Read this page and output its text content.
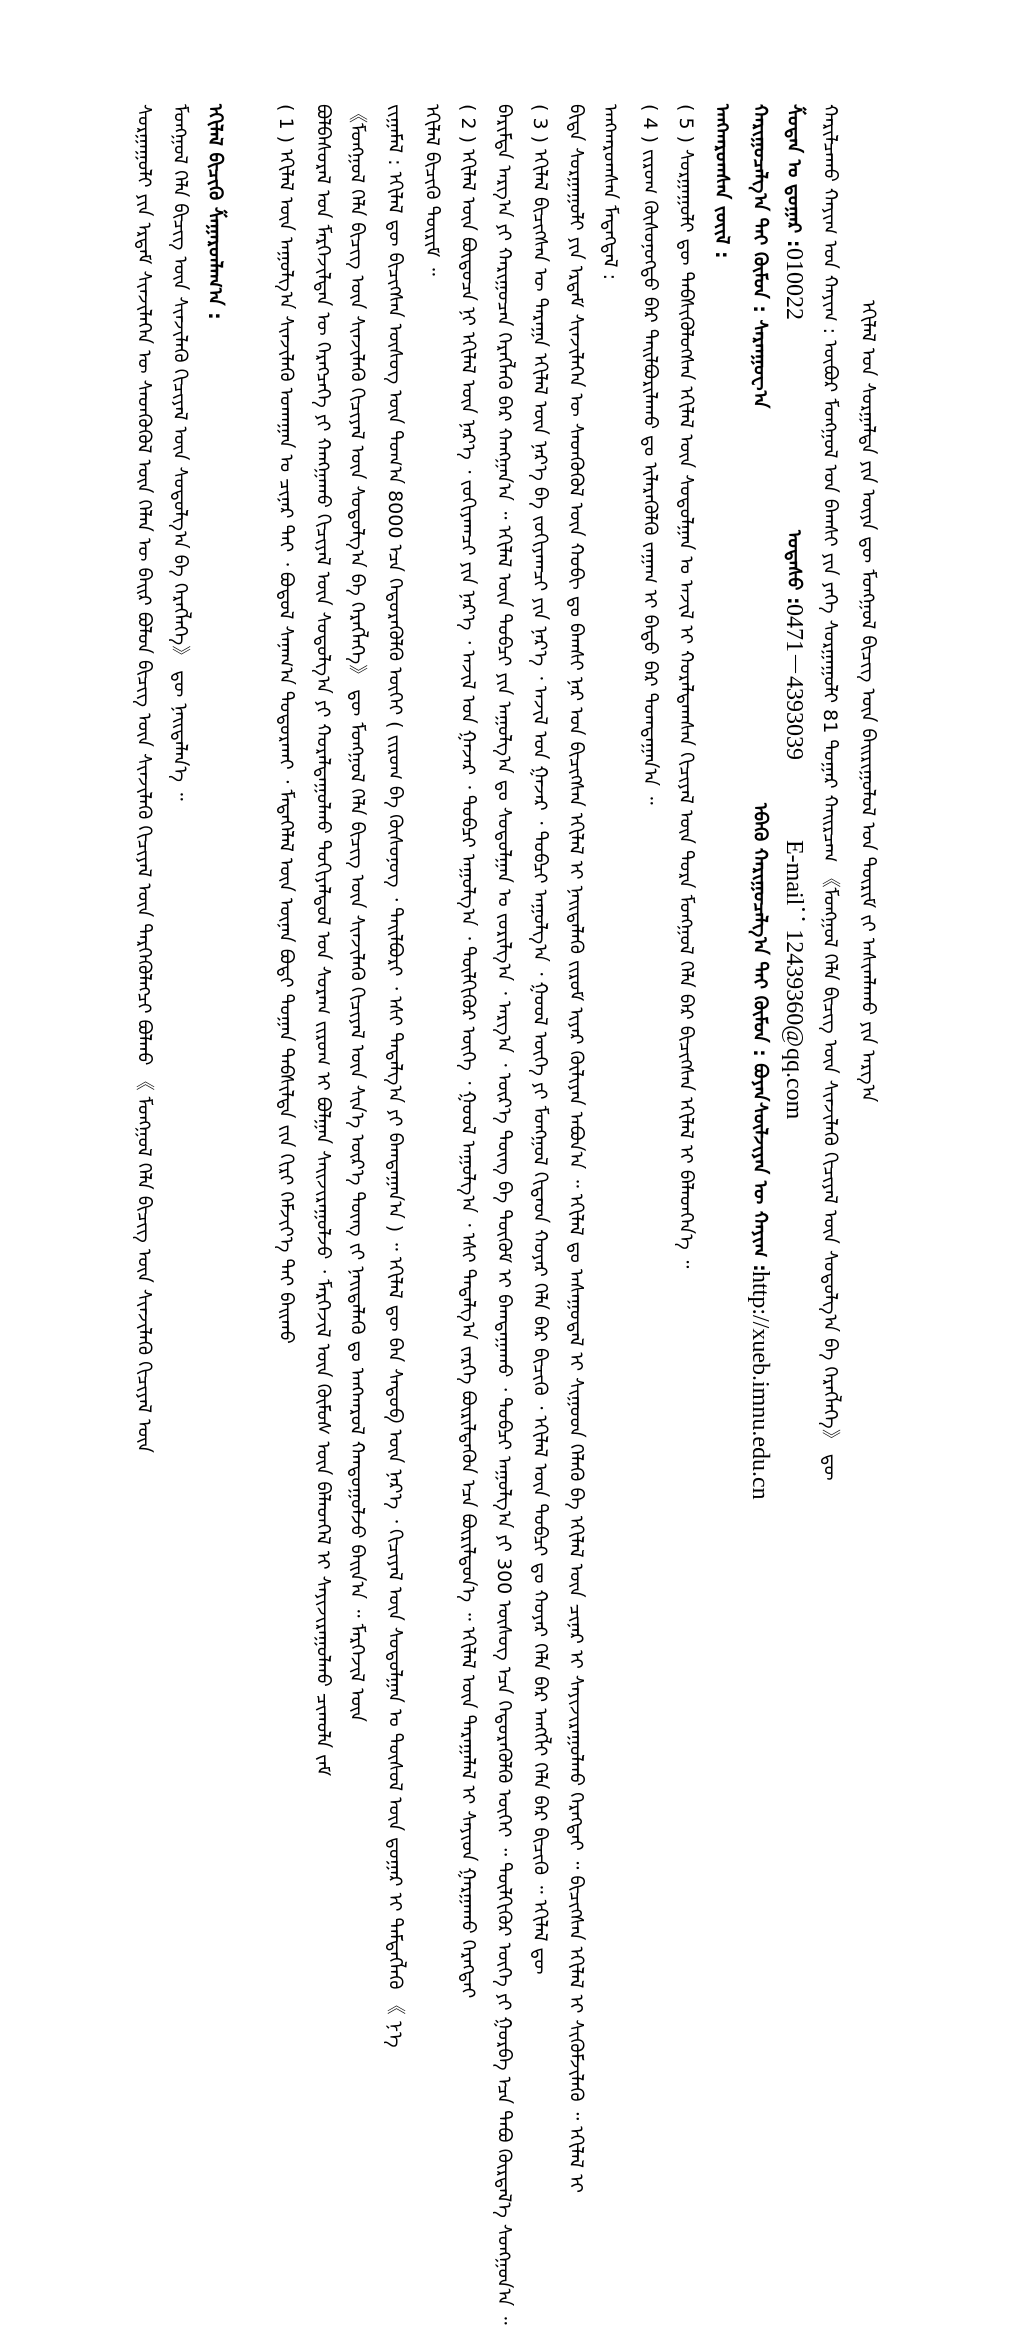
ᠡᠬᠢᠯᠡᠯ ᠤᠨ ᠰᠤᠷᠭᠠᠯᠲᠠ ᠶᠢᠨ ᠦᠶᠡ ᠳᠦ ᠮᠣᠩᠭᠣᠯ ᠪᠢᠴᠢᠭ ᠦᠨ ᠪᠠᠢᠷᠢᠭᠤᠯᠤᠯ ᠤᠨ ᠳᠦᠷᠢᠮ ᠵᠢ ᠠᠰᠢᠭᠯᠠᠬᠤ ᠶᠢᠨ ᠠᠷᠭ᠎ᠠ
ᠬᠠᠷᠢᠯᠴᠠᠬᠤ ᠬᠠᠶᠢᠭ ᠤᠨ ᠬᠠᠶᠢᠭ : ᠥᠪᠦᠷ ᠮᠣᠩᠭᠣᠯ ᠤᠨ ᠪᠠᠭᠰᠢ ᠶᠢᠨ ᠶᠡᠬᠡ ᠰᠤᠷᠭᠠᠭᠤᠯᠢ 81 ᠳᠤᠭᠠᠷ ᠬᠠᠢᠷᠴᠠᠭ 《ᠮᠣᠩᠭᠣᠯ ᠬᠡᠯᠡ ᠪᠢᠴᠢᠭ ᠦᠨ ᠰᠢᠨᠵᠢᠯᠡᠬᠦ ᠬᠢᠴᠢᠶᠡᠯ ᠦᠨ ᠰᠤᠳᠤᠯᠭ᠎ᠠ ᠪᠠ ᠬᠡᠷᠡᠭᠯᠡᠭᠡ》 ᠳᠦ
ᠱᠤᠳᠠᠨ ᠤ ᠳ᠋ᠤᠭᠠᠷ :010022ᠤᠲᠠᠰᠤ :0471－4393039E-mail：12439360@qq.com
ᠬᠠᠷᠢᠭᠤᠴᠠᠯᠭ᠎ᠠ ᠲᠠᠢ ᠬᠦᠮᠦᠨ : ᠰᠠᠷᠠᠨᠭᠤᠸ᠎ᠠᠡᠪᠡᠬᠦ ᠬᠠᠷᠢᠭᠤᠴᠠᠯᠭ᠎ᠠ ᠲᠠᠢ ᠬᠦᠮᠦᠨ : ᠪᠤᠶᠠᠨᠰᠦᠯᠵᠢᠶᠡᠨ ᠦ ᠬᠠᠶᠢᠭ :http://xueb.imnu.edu.cn
ᠠᠩᠬᠠᠷᠤᠭᠰᠠᠨ ᠵᠦᠢᠯ :
( 5 ) ᠰᠤᠷᠭᠠᠭᠤᠯᠢ ᠳᠦ ᠳᠡᠪᠰᠢᠭᠦᠯᠦᠭᠰᠡᠨ ᠡᠬᠢᠯᠡᠯ ᠦᠨ ᠰᠤᠳᠤᠯᠭᠠᠨ ᠤ ᠠᠵᠢᠯ ᠢ ᠬᠤᠷᠠᠯᠳᠠᠭᠰᠠᠨ ᠬᠢᠴᠢᠶᠡᠯ ᠦᠨ ᠳᠤᠷᠠ ᠮᠣᠩᠭᠣᠯ ᠬᠡᠯᠡ ᠪᠡᠷ ᠪᠢᠴᠢᠭᠰᠡᠨ ᠡᠬᠢᠯᠡᠯ ᠢ ᠪᠡᠯᠡᠳᠭᠡᠨ᠎ᠡ ᠃
( 4 ) ᠵᠢᠷᠤᠭ ᠬᠦᠰᠦᠨᠦᠭᠲᠦ ᠪᠡᠷ ᠲᠠᠢᠯᠪᠤᠷᠢᠯᠠᠬᠤ ᠳᠤ ᠢᠯᠡᠷᠡᠭᠦᠯᠬᠦ ᠵᠠᠭᠠᠭ ᠢ ᠪᠠᠲᠤ ᠪᠡᠷ ᠲᠣᠭᠲᠠᠭᠠᠨ᠎ᠠ ᠃
ᠠᠩᠬᠠᠷᠤᠭᠰᠠᠨ ᠮᠡᠳᠡᠭᠳᠡᠯ :
ᠪᠢᠳᠡ ᠰᠤᠷᠭᠠᠭᠤᠯᠢ ᠶᠢᠨ ᠡᠷᠳᠡᠮ ᠰᠢᠨᠵᠢᠯᠡᠭᠡᠨ ᠦ ᠰᠡᠳᠬᠦᠭᠦᠯ ᠦᠨ ᠬᠤᠪᠢ ᠳᠤ ᠪᠠᠭᠰᠢ ᠨᠠᠷ ᠤᠨ ᠪᠢᠴᠢᠭᠰᠡᠨ ᠡᠬᠢᠯᠡᠯ ᠢ ᠨᠡᠢᠲᠡᠯᠡᠬᠦ ᠵᠢᠷᠤᠮ ᠢᠶᠡᠷ ᠬᠦᠯᠢᠶᠡᠨ ᠠᠪᠤᠨ᠎ᠠ ᠃ ᠡᠬᠢᠯᠡᠯ ᠳᠤ ᠠᠰᠠᠭᠤᠳᠠᠯ ᠢ ᠰᠢᠭᠤᠳ ᠬᠡᠯᠡᠬᠦ ᠪᠠ ᠡᠬᠢᠯᠡᠯ ᠦᠨ ᠴᠢᠨᠠᠷ ᠢ ᠰᠠᠶᠢᠵᠢᠷᠠᠭᠤᠯᠬᠤ ᠬᠡᠷᠡᠭᠲᠡᠢ ᠃ ᠪᠢᠴᠢᠭᠰᠡᠨ ᠡᠬᠢᠯᠡᠯ ᠢ ᠰᠢᠭᠦᠮᠵᠢᠯᠡᠬᠦ ᠃ ᠡᠬᠢᠯᠡᠯ ᠢ
( 3 ) ᠡᠬᠢᠯᠡᠯ ᠪᠢᠴᠢᠭᠰᠡᠨ ᠦ ᠳᠠᠷᠠᠭᠠ ᠡᠬᠢᠯᠡᠯ ᠦᠨ ᠨᠡᠷ᠎ᠡ ᠪᠠ ᠵᠣᠬᠢᠶᠠᠭᠴᠢ ᠶᠢᠨ ᠨᠡᠷ᠎ᠡ ᠂ ᠠᠵᠢᠯ ᠤᠨ ᠭᠠᠵᠠᠷ ᠂ ᠲᠣᠪᠴᠢ ᠠᠭᠤᠯᠭ᠎ᠠ ᠂ ᠭᠤᠣᠯ ᠦᠭᠡ ᠶᠢ ᠮᠣᠩᠭᠣᠯ ᠬᠢᠲᠠᠳ ᠬᠣᠶᠠᠷ ᠬᠡᠯᠡ ᠪᠡᠷ ᠪᠢᠴᠢᠬᠦ ᠂ ᠡᠬᠢᠯᠡᠯ ᠦᠨ ᠲᠣᠪᠴᠢ ᠳᠤ ᠬᠣᠶᠠᠷ ᠬᠡᠯᠡ ᠪᠡᠷ ᠠᠩᠭᠯᠢ ᠬᠡᠯᠡ ᠪᠡᠷ ᠪᠢᠴᠢᠬᠦ ᠃ ᠡᠬᠢᠯᠡᠯ ᠳᠦ
ᠪᠠᠷᠢᠮᠲᠠ ᠠᠷᠭ᠎ᠠ ᠶᠢ ᠬᠠᠷᠢᠭᠤᠴᠠᠨ ᠬᠡᠷᠡᠭᠯᠡᠬᠦ ᠪᠡᠷ ᠬᠠᠩᠭᠠᠨ᠎ᠠ ᠃ ᠡᠬᠢᠯᠡᠯ ᠦᠨ ᠲᠣᠪᠴᠢ ᠶᠢᠨ ᠠᠭᠤᠯᠭ᠎ᠠ ᠳᠤ ᠰᠤᠳᠤᠯᠭᠠᠨ ᠤ ᠵᠣᠷᠢᠯᠭ᠎ᠠ ᠂ ᠠᠷᠭ᠎ᠠ ᠂ ᠦᠷ᠎ᠡ ᠳᠦᠩ ᠪᠠ ᠳᠦᠭᠦᠮ ᠢ ᠪᠠᠭᠲᠠᠭᠠᠬᠤ ᠂ ᠲᠣᠪᠴᠢ ᠠᠭᠤᠯᠭ᠎ᠠ ᠶᠢ 300 ᠦᠰᠦᠭ ᠡᠴᠡ ᠬᠡᠲᠦᠷᠡᠭᠦᠯᠬᠦ ᠦᠭᠡᠢ ᠃ ᠲᠦᠯᠬᠢᠭᠦᠷ ᠦᠭᠡ ᠶᠢ ᠭᠤᠷᠪᠠ ᠡᠴᠡ ᠲᠠᠪᠤ ᠬᠦᠷᠲᠡᠯ᠎ᠡ ᠰᠣᠩᠭᠣᠨ᠎ᠠ ᠃
( 2 ) ᠡᠬᠢᠯᠡᠯ ᠦᠨ ᠪᠦᠲᠦᠴᠡ ᠨᠢ ᠡᠬᠢᠯᠡᠯ ᠦᠨ ᠨᠡᠷ᠎ᠡ ᠂ ᠵᠣᠬᠢᠶᠠᠭᠴᠢ ᠶᠢᠨ ᠨᠡᠷ᠎ᠡ ᠂ ᠠᠵᠢᠯ ᠤᠨ ᠭᠠᠵᠠᠷ ᠂ ᠲᠣᠪᠴᠢ ᠠᠭᠤᠯᠭ᠎ᠠ ᠂ ᠲᠦᠯᠬᠢᠭᠦᠷ ᠦᠭᠡ ᠂ ᠭᠤᠣᠯ ᠠᠭᠤᠯᠭ᠎ᠠ ᠂ ᠡᠰᠢ ᠲᠠᠲᠠᠯᠭ᠎ᠠ ᠵᠡᠷᠭᠡ ᠪᠦᠷᠢᠯᠳᠡᠬᠦᠨ ᠡᠴᠡ ᠪᠦᠷᠢᠯᠳᠦᠨ᠎ᠡ ᠃ ᠡᠬᠢᠯᠡᠯ ᠦᠨ ᠳᠠᠷᠠᠭᠠᠯᠠᠯ ᠢ ᠰᠠᠶᠢᠳ ᠭᠠᠷᠭᠠᠬᠤ ᠬᠡᠷᠡᠭᠲᠡᠢ
ᠡᠬᠢᠯᠡᠯ ᠪᠢᠴᠢᠬᠦ ᠳᠦᠷᠢᠮ ᠃
ᠵᠢᠭᠠᠮᠠᠯ : ᠡᠬᠢᠯᠡᠯ ᠳᠦ ᠪᠢᠴᠢᠭᠰᠡᠨ ᠦᠰᠦᠭ ᠦᠨ ᠲᠣᠭ᠎ᠠ 8000 ᠡᠴᠡ ᠬᠡᠲᠦᠷᠡᠭᠦᠯᠬᠦ ᠦᠭᠡᠢ ( ᠵᠢᠷᠤᠭ ᠪᠠ ᠬᠦᠰᠦᠨᠦᠭ ᠂ ᠲᠠᠢᠯᠪᠤᠷᠢ ᠂ ᠡᠰᠢ ᠲᠠᠲᠠᠯᠭ᠎ᠠ ᠶᠢ ᠪᠠᠭᠲᠠᠭᠠᠨ᠎ᠠ ) ᠃ ᠡᠬᠢᠯᠡᠯ ᠳᠦ ᠪᠡᠨ ᠰᠡᠳᠦᠪ ᠦᠨ ᠨᠡᠷ᠎ᠡ ᠂ ᠬᠢᠴᠢᠶᠡᠯ ᠦᠨ ᠰᠤᠳᠤᠯᠭᠠᠨ ᠤ ᠲᠦᠰᠦᠯ ᠦᠨ ᠳ᠋ᠤᠭᠠᠷ ᠢ ᠲᠡᠮᠳᠡᠭᠯᠡᠬᠦ 《 ᠨ᠎ᠡ
《ᠮᠣᠩᠭᠣᠯ ᠬᠡᠯᠡ ᠪᠢᠴᠢᠭ ᠦᠨ ᠰᠢᠨᠵᠢᠯᠡᠬᠦ ᠬᠢᠴᠢᠶᠡᠯ ᠦᠨ ᠰᠤᠳᠤᠯᠭ᠎ᠠ ᠪᠠ ᠬᠡᠷᠡᠭᠯᠡᠭᠡ》 ᠳᠦ ᠮᠣᠩᠭᠣᠯ ᠬᠡᠯᠡ ᠪᠢᠴᠢᠭ ᠦᠨ ᠰᠢᠨᠵᠢᠯᠡᠬᠦ ᠬᠢᠴᠢᠶᠡᠯ ᠦᠨ ᠰᠢᠨ᠎ᠡ ᠦᠷ᠎ᠡ ᠳᠦᠩ ᠵᠢ ᠨᠡᠢᠲᠡᠯᠡᠬᠦ ᠳᠤ ᠠᠩᠬᠠᠷᠤᠯ ᠬᠠᠨᠳᠤᠭᠤᠯᠵᠤ ᠪᠠᠢᠨ᠎ᠠ ᠃ ᠮᠡᠷᠭᠡᠵᠢᠯ ᠦᠨ
ᠪᠣᠯᠪᠠᠰᠤᠷᠠᠯ ᠤᠨ ᠮᠡᠷᠭᠡᠵᠢᠯᠲᠡᠨ ᠦ ᠬᠡᠷᠡᠭᠴᠡᠭᠡ ᠶᠢ ᠬᠠᠩᠭᠠᠬᠤ ᠬᠢᠴᠢᠶᠡᠯ ᠦᠨ ᠰᠤᠳᠤᠯᠭ᠎ᠠ ᠶᠢ ᠬᠤᠷᠠᠯᠳᠠᠭᠤᠯᠬᠤ ᠲᠣᠬᠢᠶᠠᠯᠳᠤᠯ ᠤᠨ ᠰᠤᠷᠠᠭ ᠵᠢᠷᠤᠭ ᠢ ᠪᠣᠯᠭᠠᠨ ᠰᠠᠢᠵᠢᠷᠠᠭᠤᠯᠵᠤ ᠂ ᠮᠡᠷᠭᠡᠵᠢᠯ ᠦᠨ ᠬᠦᠮᠦᠰ ᠦᠨ ᠪᠡᠯᠡᠳᠭᠡᠯ ᠢ ᠰᠠᠶᠢᠵᠢᠷᠠᠭᠤᠯᠬᠤ ᠴᠢᠬᠤᠯᠠ ᠵᠠᠮ
( 1 ) ᠡᠬᠢᠯᠡᠯ ᠦᠨ ᠠᠭᠤᠯᠭ᠎ᠠ ᠰᠢᠨᠵᠢᠯᠡᠬᠦ ᠤᠬᠠᠭᠠᠨ ᠤ ᠴᠢᠨᠠᠷ ᠲᠠᠢ ᠂ ᠪᠣᠳᠤᠯ ᠰᠠᠨᠠᠭ᠎ᠠ ᠲᠣᠳᠤᠷᠬᠠᠢ ᠂ ᠮᠡᠳᠡᠭᠡᠯᠡᠯ ᠦᠨ ᠦᠨᠡᠨ ᠪᠣᠳᠢ ᠲᠣᠭᠠᠨ ᠳᠡᠪᠰᠢᠯᠲᠡ ᠵᠢᠨ ᠬᠢᠷᠢ ᠬᠡᠮᠵᠢᠶ᠎ᠡ ᠲᠠᠢ ᠪᠠᠢᠬᠤ
ᠡᠬᠢᠯᠡᠯ ᠪᠢᠴᠢᠬᠦ ᠱᠠᠭᠠᠷᠳᠯᠠᠭ᠎ᠠ :
ᠮᠣᠩᠭᠣᠯ ᠬᠡᠯᠡ ᠪᠢᠴᠢᠭ ᠦᠨ ᠰᠢᠨᠵᠢᠯᠡᠬᠦ ᠬᠢᠴᠢᠶᠡᠯ ᠦᠨ ᠰᠤᠳᠤᠯᠭ᠎ᠠ ᠪᠠ ᠬᠡᠷᠡᠭᠯᠡᠭᠡ》 ᠳᠦ ᠨᠡᠢᠲᠡᠯᠡᠨ᠎ᠡ ᠃
ᠰᠤᠷᠭᠠᠭᠤᠯᠢ ᠶᠢᠨ ᠡᠷᠳᠡᠮ ᠰᠢᠨᠵᠢᠯᠡᠭᠡᠨ ᠦ ᠰᠡᠳᠬᠦᠭᠦᠯ ᠦᠨ ᠬᠡᠯᠡᠨ ᠦ ᠪᠠᠢᠷ ᠪᠣᠯᠤᠨ ᠪᠢᠴᠢᠭ ᠦᠨ ᠰᠢᠨᠵᠢᠯᠡᠬᠦ ᠬᠢᠴᠢᠶᠡᠯ ᠦᠨ ᠲᠡᠷᠭᠡᠭᠦᠯᠡᠭᠴᠢ ᠪᠤᠯᠬᠤ 《 ᠮᠣᠩᠭᠣᠯ ᠬᠡᠯᠡ ᠪᠢᠴᠢᠭ ᠦᠨ ᠰᠢᠨᠵᠢᠯᠡᠬᠦ ᠬᠢᠴᠢᠶᠡᠯ ᠦᠨ
